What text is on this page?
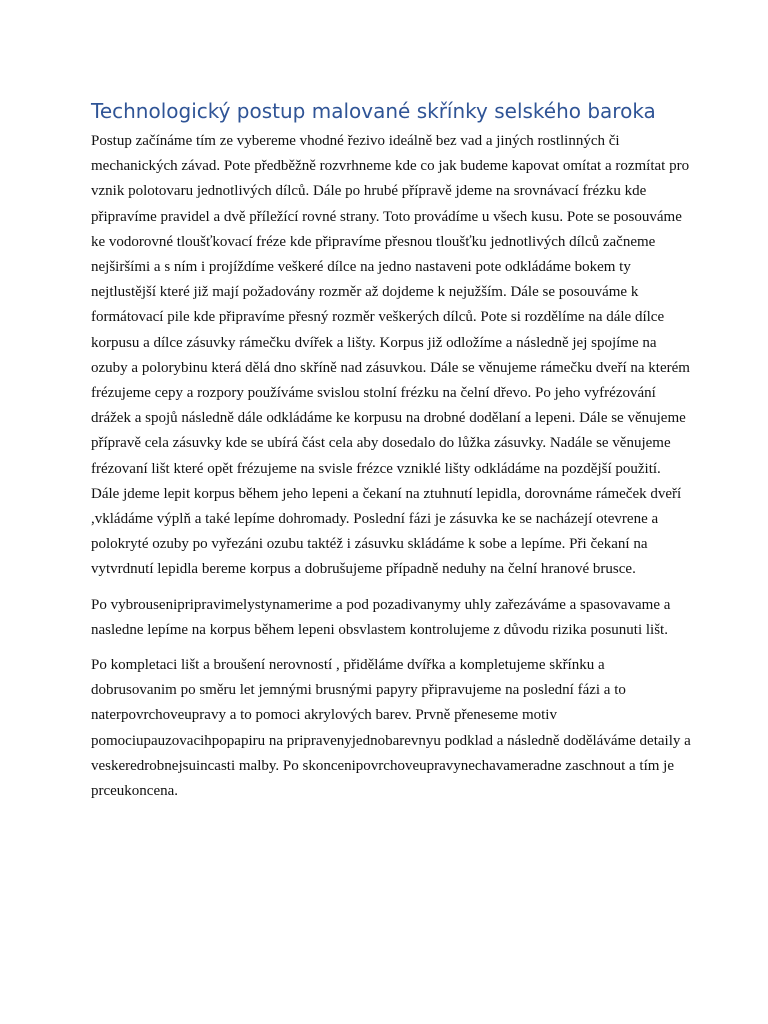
Technologický postup malované skřínky selského baroka

Postup začínáme tím ze vybereme vhodné řezivo ideálně bez vad a jiných rostlinných či mechanických závad. Pote předběžně rozvrhneme kde co jak budeme kapovat omítat a rozmítat pro vznik polotovaru jednotlivých dílců. Dále po hrubé přípravě jdeme na srovnávací frézku kde připravíme pravidel a dvě příležící rovné strany. Toto provádíme u všech kusu. Pote se posouváme ke vodorovné tloušťkovací fréze kde připravíme přesnou tloušťku jednotlivých dílců začneme nejširšími a s ním i projíždíme veškeré dílce na jedno nastaveni pote odkládáme bokem ty nejtlustější které již mají požadovány rozměr až dojdeme k nejužším. Dále se posouváme k formátovací pile kde připravíme přesný rozměr veškerých dílců. Pote si rozdělíme na dále dílce korpusu a dílce zásuvky rámečku dvířek a lišty. Korpus již odložíme a následně jej spojíme na ozuby a polorybinu která dělá dno skříně nad zásuvkou. Dále se věnujeme rámečku dveří na kterém frézujeme cepy a rozpory používáme svislou stolní frézku na čelní dřevo. Po jeho vyfrézování drážek a spojů následně dále odkládáme ke korpusu na drobné dodělaní a lepeni. Dále se věnujeme přípravě cela zásuvky kde se ubírá část cela aby dosedalo do lůžka zásuvky. Nadále se věnujeme frézovaní lišt které opět frézujeme na svisle frézce vzniklé lišty odkládáme na pozdější použití. Dále jdeme lepit korpus během jeho lepeni a čekaní na ztuhnutí lepidla, dorovnáme rámeček dveří ,vkládáme výplň a také lepíme dohromady. Poslední fázi je zásuvka ke se nacházejí otevrene a polokryté ozuby po vyřezáni ozubu taktéž i zásuvku skládáme k sobe a lepíme. Při čekaní na vytvrdnutí lepidla bereme korpus a dobrušujeme případně neduhy na čelní hranové brusce.

Po vybrousenipripravimelystynamerime a pod pozadivanymy uhly zařezáváme a spasovavame a nasledne lepíme na korpus během lepeni obsvlastem kontrolujeme z důvodu rizika posunuti lišt.

Po kompletaci lišt a broušení nerovností , přiděláme dvířka a kompletujeme skřínku a dobrusovanim po směru let jemnými brusnými papyry připravujeme na poslední fázi a to naterpovrchoveupravy a to pomoci akrylových barev. Prvně přeneseme motiv pomociupauzovacihpopapiru na pripravenyjednobarevnyu podklad a následně doděláváme detaily a veskeredrobnejsuincasti malby. Po skoncenipovrchoveupravynechavameradne zaschnout a tím je prceukoncena.
